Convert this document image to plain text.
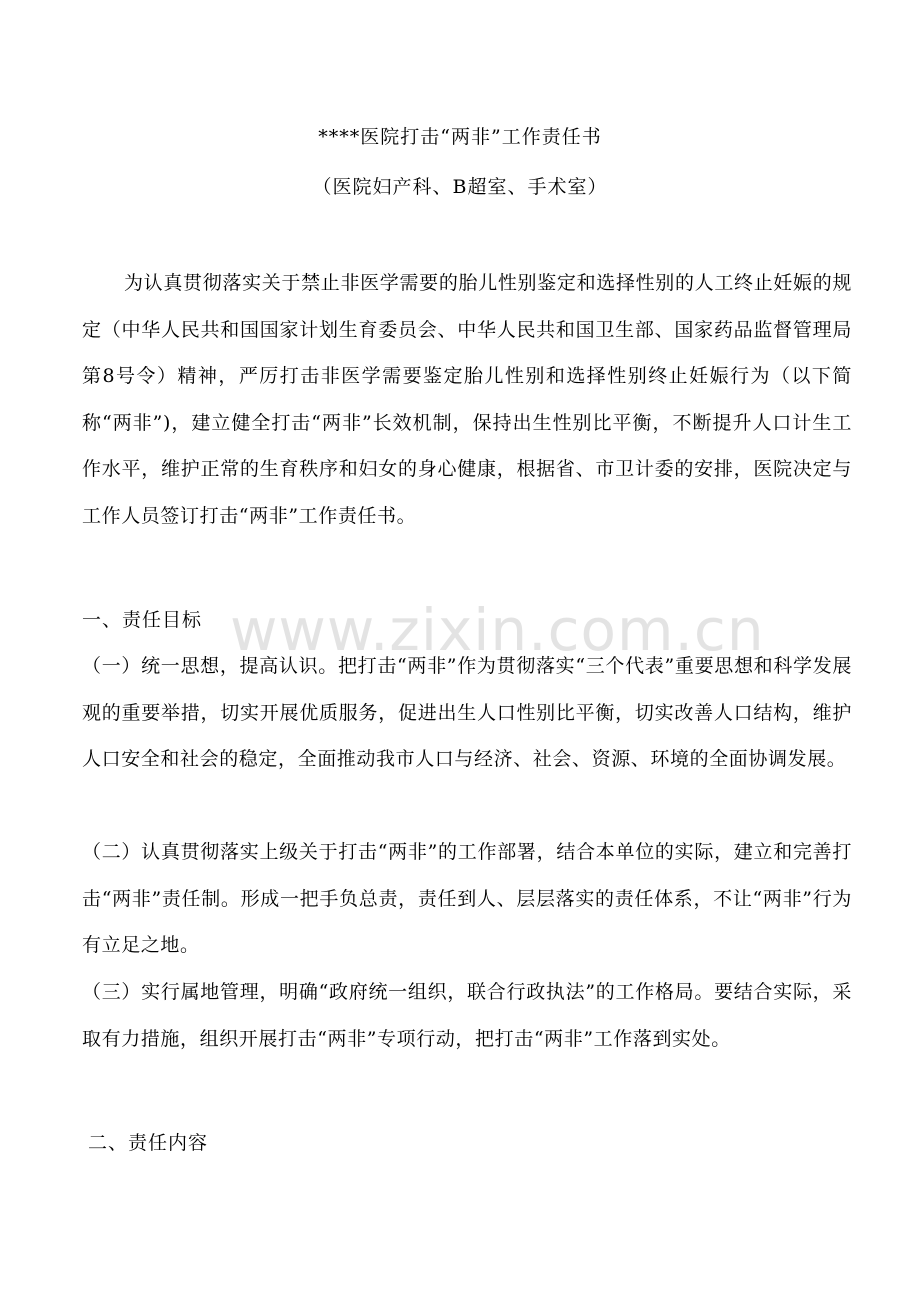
****医院打击“两非”工作责任书
（医院妇产科、B超室、手术室）
为认真贯彻落实关于禁止非医学需要的胎儿性别鉴定和选择性别的人工终止妊娠的规定（中华人民共和国国家计划生育委员会、中华人民共和国卫生部、国家药品监督管理局第8号令）精神，严厉打击非医学需要鉴定胎儿性别和选择性别终止妊娠行为（以下简称“两非”)，建立健全打击“两非”长效机制，保持出生性别比平衡，不断提升人口计生工作水平，维护正常的生育秩序和妇女的身心健康，根据省、市卫计委的安排，医院决定与工作人员签订打击“两非”工作责任书。
一、责任目标
（一）统一思想，提高认识。把打击“两非”作为贯彻落实“三个代表”重要思想和科学发展观的重要举措，切实开展优质服务，促进出生人口性别比平衡，切实改善人口结构，维护人口安全和社会的稳定，全面推动我市人口与经济、社会、资源、环境的全面协调发展。
（二）认真贯彻落实上级关于打击“两非”的工作部署，结合本单位的实际，建立和完善打击“两非”责任制。形成一把手负总责，责任到人、层层落实的责任体系，不让“两非”行为有立足之地。
（三）实行属地管理，明确“政府统一组织，联合行政执法”的工作格局。要结合实际，采取有力措施，组织开展打击“两非”专项行动，把打击“两非”工作落到实处。
二、责任内容
www.zixin.com.cn
